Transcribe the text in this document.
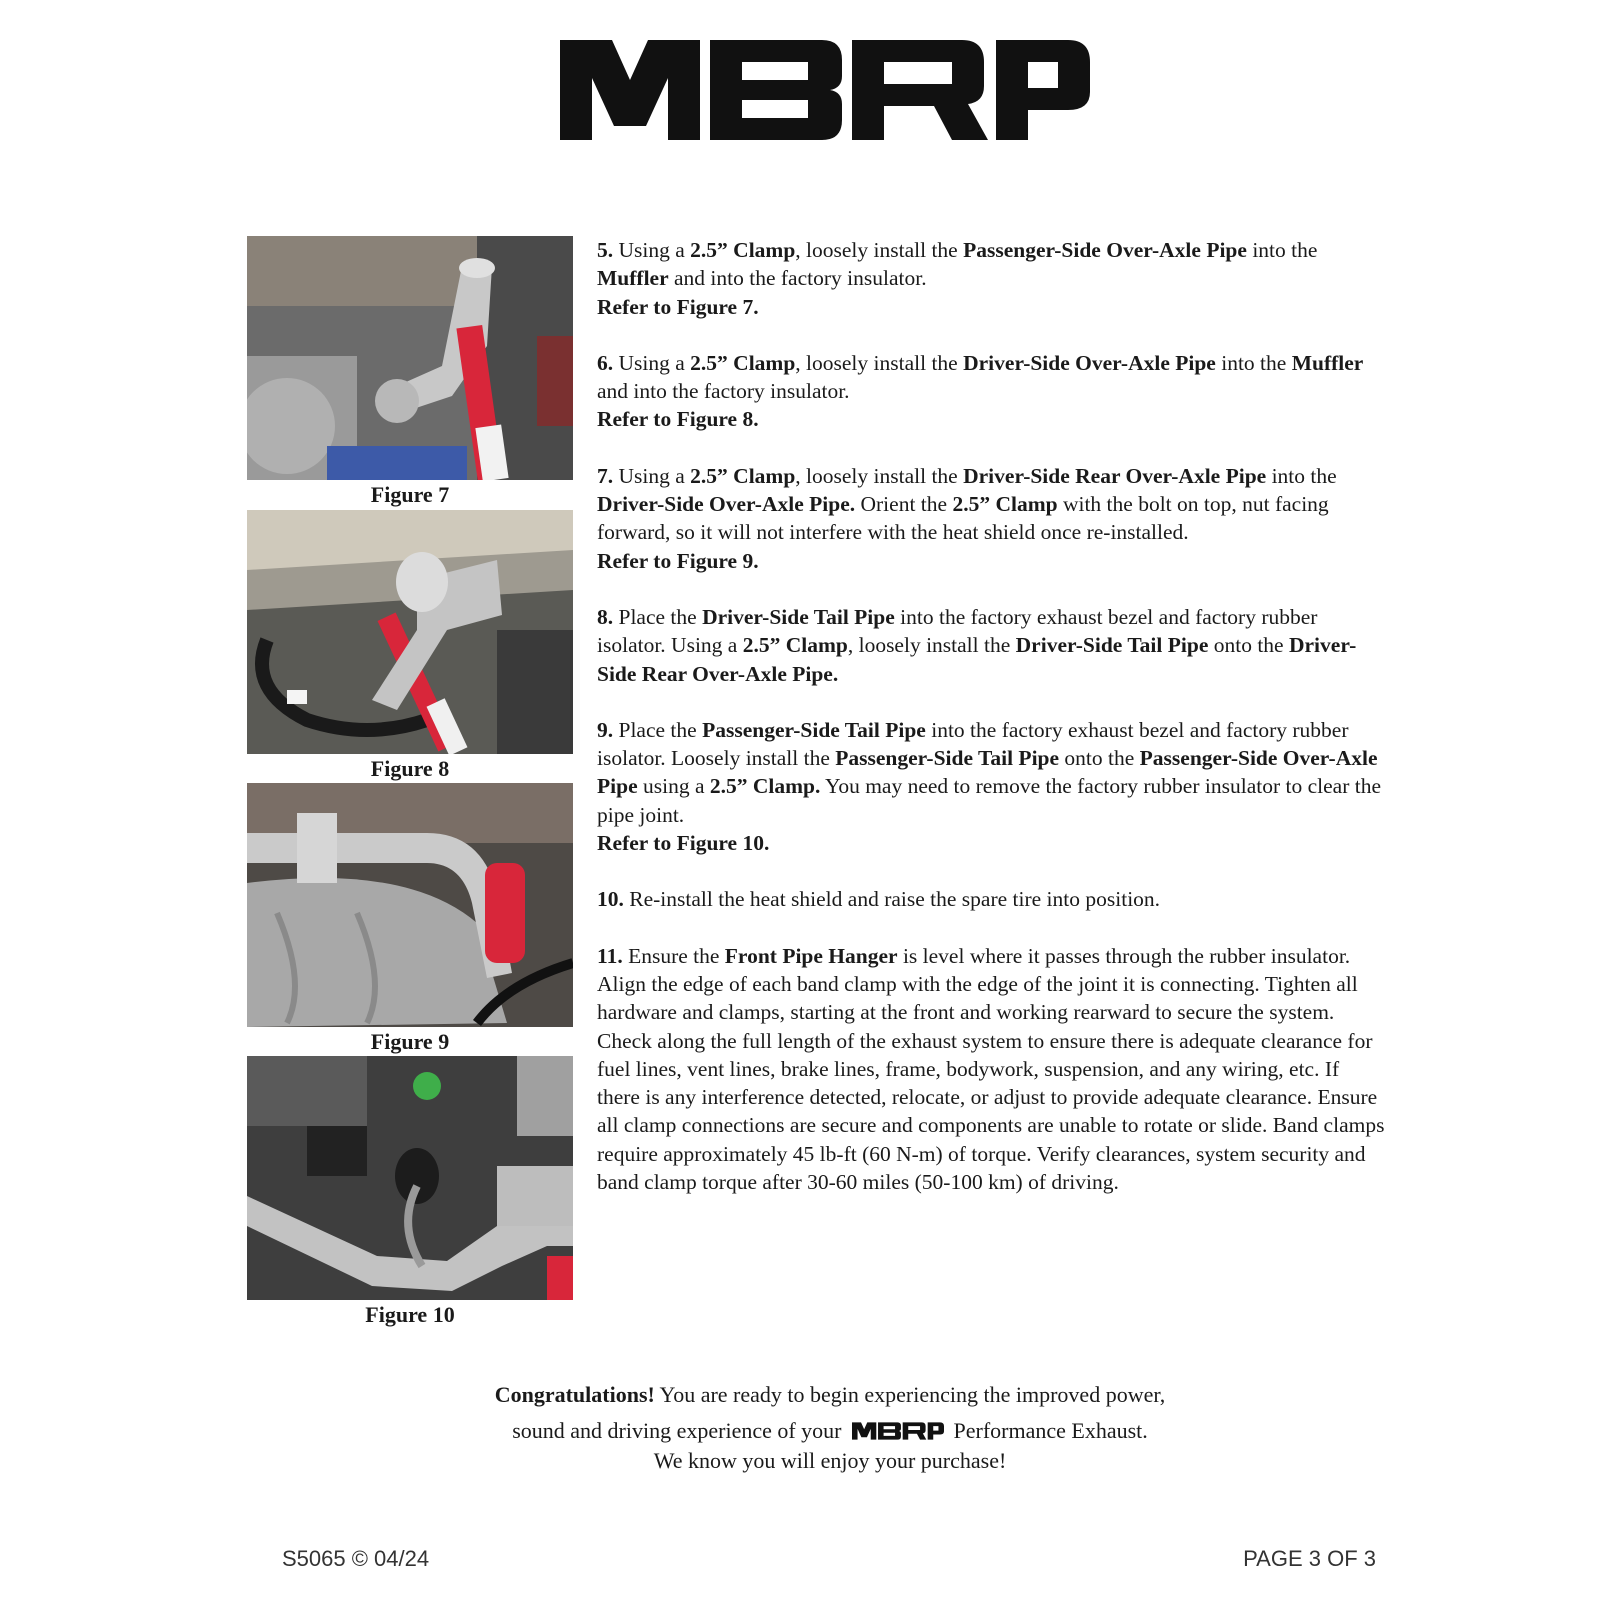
Figure 7
Figure 8
Figure 9
Figure 10

5. Using a 2.5” Clamp, loosely install the Passenger-Side Over-Axle Pipe into the Muffler and into the factory insulator.
Refer to Figure 7.

6. Using a 2.5” Clamp, loosely install the Driver-Side Over-Axle Pipe into the Muffler and into the factory insulator.
Refer to Figure 8.

7. Using a 2.5” Clamp, loosely install the Driver-Side Rear Over-Axle Pipe into the Driver-Side Over-Axle Pipe. Orient the 2.5” Clamp with the bolt on top, nut facing forward, so it will not interfere with the heat shield once re-installed.
Refer to Figure 9.

8. Place the Driver-Side Tail Pipe into the factory exhaust bezel and factory rubber isolator. Using a 2.5” Clamp, loosely install the Driver-Side Tail Pipe onto the Driver-Side Rear Over-Axle Pipe.

9. Place the Passenger-Side Tail Pipe into the factory exhaust bezel and factory rubber isolator. Loosely install the Passenger-Side Tail Pipe onto the Passenger-Side Over-Axle Pipe using a 2.5” Clamp. You may need to remove the factory rubber insulator to clear the pipe joint.
Refer to Figure 10.

10. Re-install the heat shield and raise the spare tire into position.

11. Ensure the Front Pipe Hanger is level where it passes through the rubber insulator. Align the edge of each band clamp with the edge of the joint it is connecting. Tighten all hardware and clamps, starting at the front and working rearward to secure the system. Check along the full length of the exhaust system to ensure there is adequate clearance for fuel lines, vent lines, brake lines, frame, bodywork, suspension, and any wiring, etc. If there is any interference detected, relocate, or adjust to provide adequate clearance. Ensure all clamp connections are secure and components are unable to rotate or slide. Band clamps require approximately 45 lb-ft (60 N-m) of torque. Verify clearances, system security and band clamp torque after 30-60 miles (50-100 km) of driving.

Congratulations! You are ready to begin experiencing the improved power,
sound and driving experience of your	Performance Exhaust.
We know you will enjoy your purchase!
S5065 © 04/24	PAGE 3 OF 3
